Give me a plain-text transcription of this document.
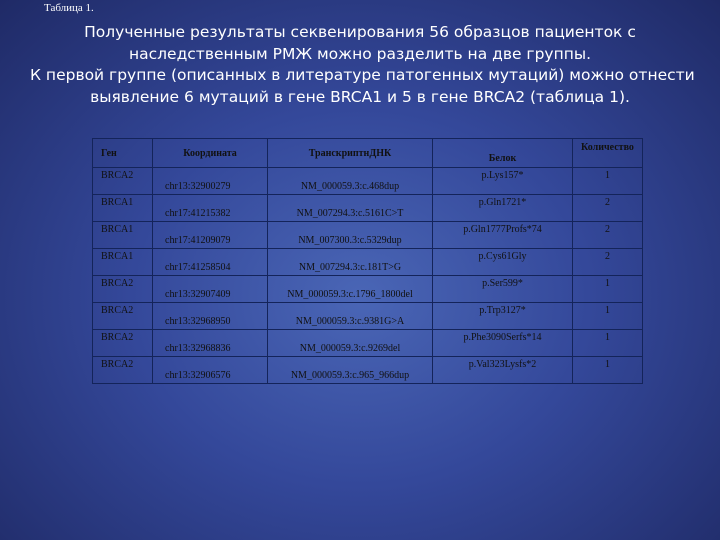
Таблица 1.
Полученные результаты секвенирования 56 образцов пациенток с
наследственным РМЖ можно разделить на две группы.
К первой группе (описанных в литературе патогенных мутаций) можно отнести
выявление 6 мутаций в гене BRCA1 и 5 в гене BRCA2 (таблица 1).
Ген	Координата	ТранскриптнДНК	Белок	Количество
BRCA2	chr13:32900279	NM_000059.3:c.468dup	p.Lys157*	1
BRCA1	chr17:41215382	NM_007294.3:c.5161C>T	p.Gln1721*	2
BRCA1	chr17:41209079	NM_007300.3:c.5329dup	p.Gln1777Profs*74	2
BRCA1	chr17:41258504	NM_007294.3:c.181T>G	p.Cys61Gly	2
BRCA2	chr13:32907409	NM_000059.3:c.1796_1800del	p.Ser599*	1
BRCA2	chr13:32968950	NM_000059.3:c.9381G>A	p.Trp3127*	1
BRCA2	chr13:32968836	NM_000059.3:c.9269del	p.Phe3090Serfs*14	1
BRCA2	chr13:32906576	NM_000059.3:c.965_966dup	p.Val323Lysfs*2	1
